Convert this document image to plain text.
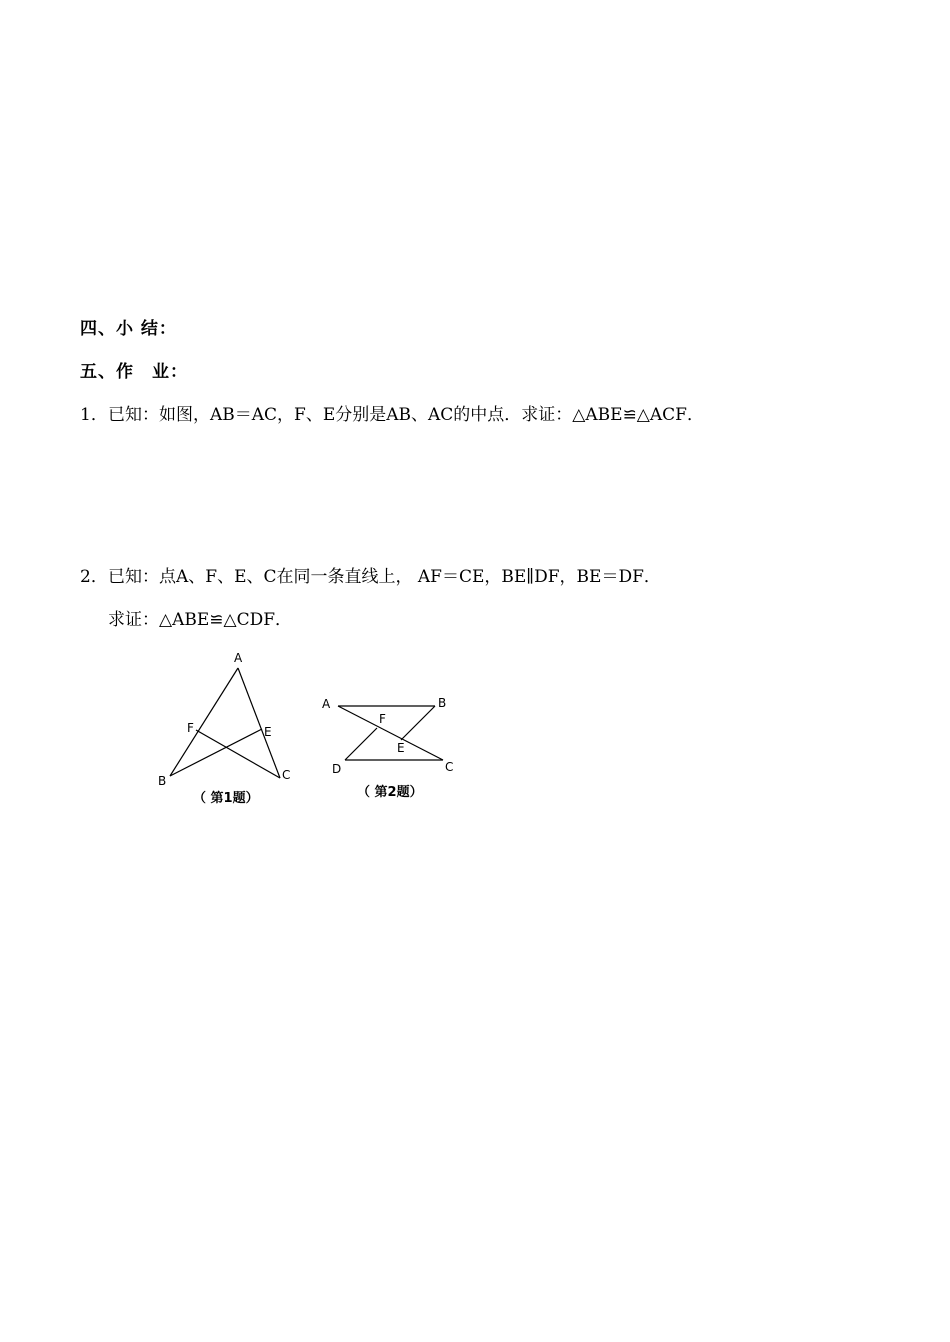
四、小 结：
五、作　业：
1．已知：如图，AB＝AC，F、E分别是AB、AC的中点．求证：△ABE≌△ACF．
2．已知：点A、F、E、C在同一条直线上， AF＝CE，BE∥DF，BE＝DF．
求证：△ABE≌△CDF．
A
B	C
E
F
（ 第1题）
A	B
C
D
E
F
（ 第2题）
